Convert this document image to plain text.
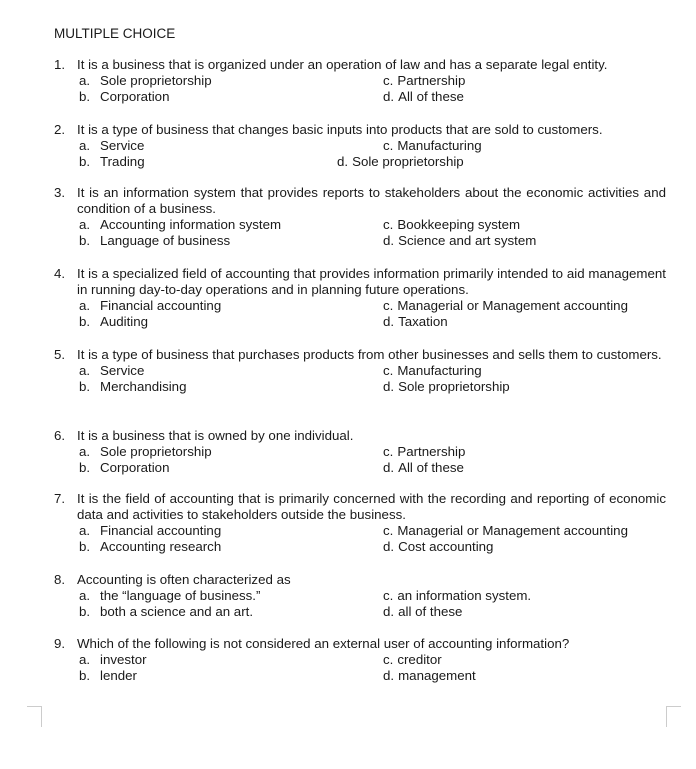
MULTIPLE CHOICE
1. It is a business that is organized under an operation of law and has a separate legal entity.
a. Sole proprietorship
b. Corporation
c. Partnership
d. All of these
2. It is a type of business that changes basic inputs into products that are sold to customers.
a. Service
b. Trading
c. Manufacturing
d. Sole proprietorship
3. It is an information system that provides reports to stakeholders about the economic activities and condition of a business.
a. Accounting information system
b. Language of business
c. Bookkeeping system
d. Science and art system
4. It is a specialized field of accounting that provides information primarily intended to aid management in running day-to-day operations and in planning future operations.
a. Financial accounting
b. Auditing
c. Managerial or Management accounting
d. Taxation
5. It is a type of business that purchases products from other businesses and sells them to customers.
a. Service
b. Merchandising
c. Manufacturing
d. Sole proprietorship
6. It is a business that is owned by one individual.
a. Sole proprietorship
b. Corporation
c. Partnership
d. All of these
7. It is the field of accounting that is primarily concerned with the recording and reporting of economic data and activities to stakeholders outside the business.
a. Financial accounting
b. Accounting research
c. Managerial or Management accounting
d. Cost accounting
8. Accounting is often characterized as
a. the “language of business.”
b. both a science and an art.
c. an information system.
d. all of these
9. Which of the following is not considered an external user of accounting information?
a. investor
b. lender
c. creditor
d. management
